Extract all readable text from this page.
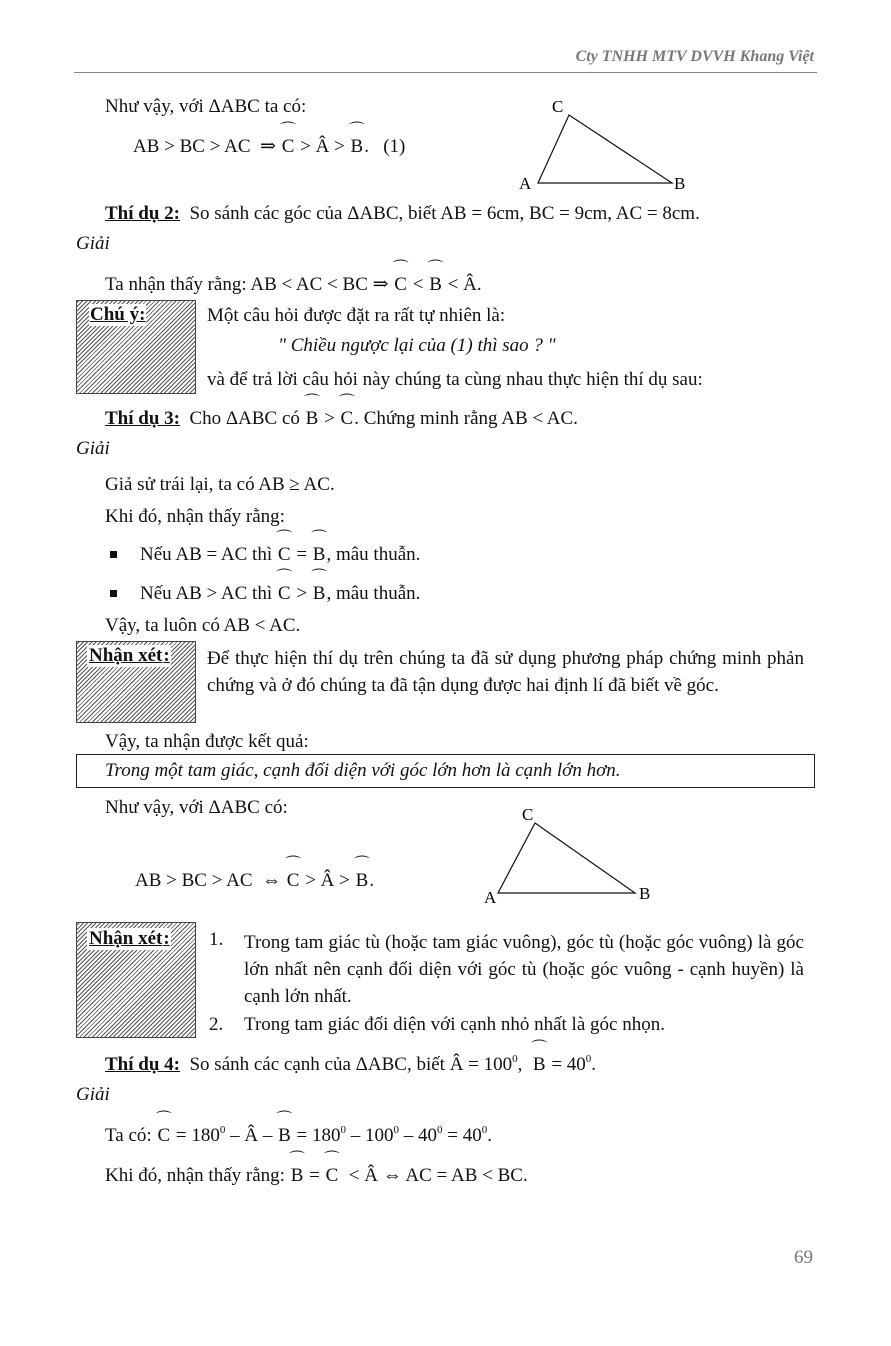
Cty TNHH MTV DVVH Khang Việt
Như vậy, với ΔABC ta có:
AB > BC > AC  ⇒
⌒
C > Â >
⌒
B.   (1)
C
A	B
Thí dụ 2: So sánh các góc của ΔABC, biết AB = 6cm, BC = 9cm, AC = 8cm.
Giải
Ta nhận thấy rằng: AB < AC < BC ⇒
⌒
C <
⌒
B < Â.
Chú ý:	Một câu hỏi được đặt ra rất tự nhiên là:
" Chiều ngược lại của (1) thì sao ? "
và để trả lời câu hỏi này chúng ta cùng nhau thực hiện thí dụ sau:
Thí dụ 3: Cho ΔABC có
⌒
B >
⌒
C. Chứng minh rằng AB < AC.
Giải
Giả sử trái lại, ta có AB ≥ AC.
Khi đó, nhận thấy rằng:
Nếu AB = AC thì
⌒
C =
⌒
B, mâu thuẫn.
Nếu AB > AC thì
⌒
C >
⌒
B, mâu thuẫn.
Vậy, ta luôn có AB < AC.
Nhận xét: Để thực hiện thí dụ trên chúng ta đã sử dụng phương pháp chứng minh phản chứng và ở đó chúng ta đã tận dụng được hai định lí đã biết về góc.
Vậy, ta nhận được kết quả:
Trong một tam giác, cạnh đối diện với góc lớn hơn là cạnh lớn hơn.
Như vậy, với ΔABC có:
AB > BC > AC  ⇔
⌒
C > Â >
⌒
B.
C
A	B
Nhận xét: 1. Trong tam giác tù (hoặc tam giác vuông), góc tù (hoặc góc vuông) là góc lớn nhất nên cạnh đối diện với góc tù (hoặc góc vuông - cạnh huyền) là cạnh lớn nhất.
2. Trong tam giác đối diện với cạnh nhỏ nhất là góc nhọn.
Thí dụ 4: So sánh các cạnh của ΔABC, biết Â = $100^0$,
⌒
$B = 40^0$.
Giải
Ta có:
⌒
$C = 180^0$ – Â –
⌒
$B = 180^0 - 100^0 - 40^0 = 40^0$.
Khi đó, nhận thấy rằng:
⌒
B =
⌒
C  < Â ⇔ AC = AB < BC.
69
